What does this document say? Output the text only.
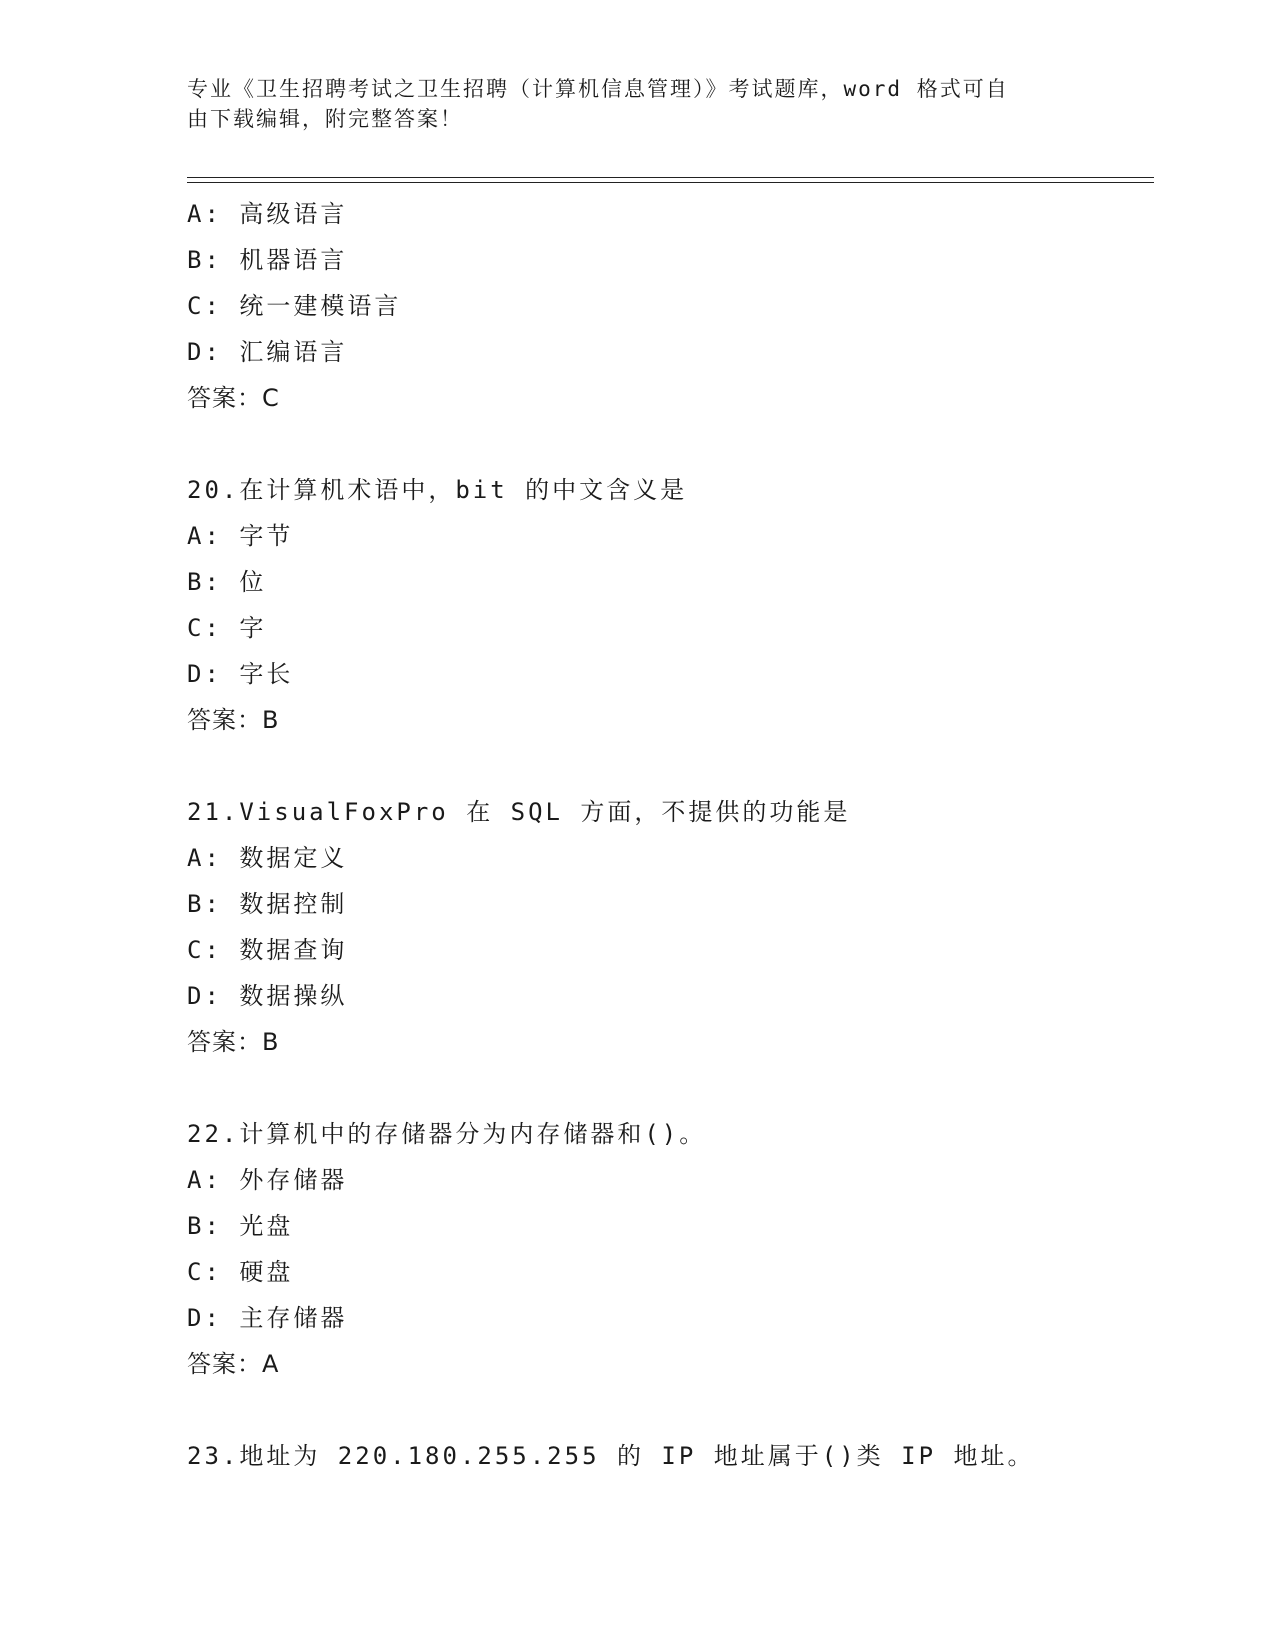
专业《卫生招聘考试之卫生招聘（计算机信息管理）》考试题库，word 格式可自
由下载编辑，附完整答案！
A: 高级语言
B: 机器语言
C: 统一建模语言
D: 汇编语言
答案：C
20.在计算机术语中，bit 的中文含义是
A: 字节
B: 位
C: 字
D: 字长
答案：B
21.VisualFoxPro 在 SQL 方面，不提供的功能是
A: 数据定义
B: 数据控制
C: 数据查询
D: 数据操纵
答案：B
22.计算机中的存储器分为内存储器和()。
A: 外存储器
B: 光盘
C: 硬盘
D: 主存储器
答案：A
23.地址为 220.180.255.255 的 IP 地址属于()类 IP 地址。
